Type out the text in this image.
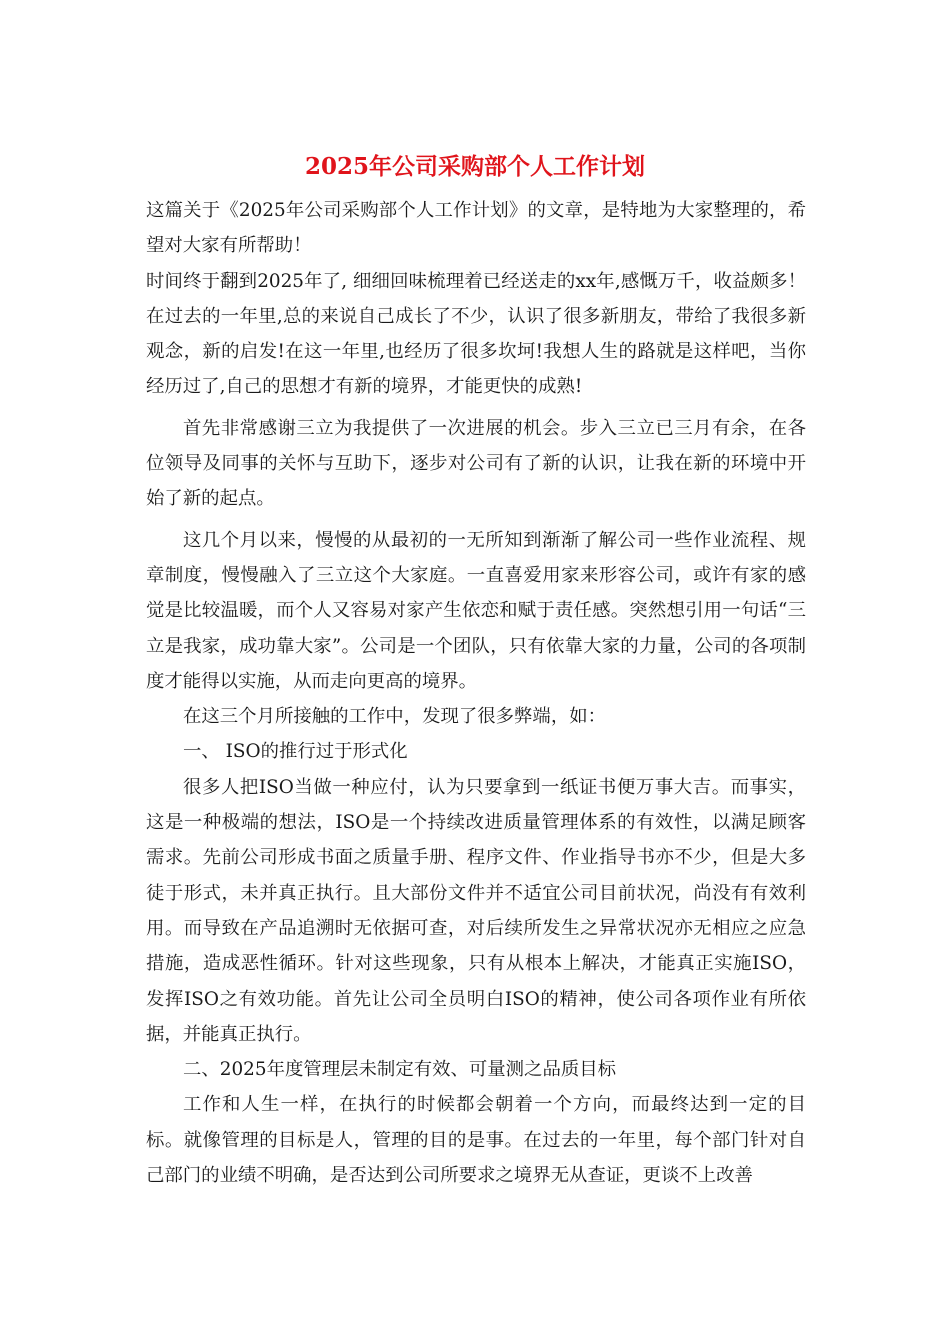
2025年公司采购部个人工作计划

这篇关于《2025年公司采购部个人工作计划》的文章，是特地为大家整理的，希望对大家有所帮助！

时间终于翻到2025年了, 细细回味梳理着已经送走的xx年,感慨万千，收益颇多！在过去的一年里,总的来说自己成长了不少，认识了很多新朋友，带给了我很多新观念，新的启发!在这一年里,也经历了很多坎坷!我想人生的路就是这样吧，当你经历过了,自己的思想才有新的境界，才能更快的成熟!

首先非常感谢三立为我提供了一次进展的机会。步入三立已三月有余，在各位领导及同事的关怀与互助下，逐步对公司有了新的认识，让我在新的环境中开始了新的起点。

这几个月以来，慢慢的从最初的一无所知到渐渐了解公司一些作业流程、规章制度，慢慢融入了三立这个大家庭。一直喜爱用家来形容公司，或许有家的感觉是比较温暖，而个人又容易对家产生依恋和赋于责任感。突然想引用一句话“三立是我家，成功靠大家”。公司是一个团队，只有依靠大家的力量，公司的各项制度才能得以实施，从而走向更高的境界。

在这三个月所接触的工作中，发现了很多弊端，如：

一、 ISO的推行过于形式化

很多人把ISO当做一种应付，认为只要拿到一纸证书便万事大吉。而事实，这是一种极端的想法，ISO是一个持续改进质量管理体系的有效性，以满足顾客需求。先前公司形成书面之质量手册、程序文件、作业指导书亦不少，但是大多徒于形式，未并真正执行。且大部份文件并不适宜公司目前状况，尚没有有效利用。而导致在产品追溯时无依据可查，对后续所发生之异常状况亦无相应之应急措施，造成恶性循环。针对这些现象，只有从根本上解决，才能真正实施ISO，发挥ISO之有效功能。首先让公司全员明白ISO的精神，使公司各项作业有所依据，并能真正执行。

二、2025年度管理层未制定有效、可量测之品质目标

工作和人生一样，在执行的时候都会朝着一个方向，而最终达到一定的目标。就像管理的目标是人，管理的目的是事。在过去的一年里，每个部门针对自己部门的业绩不明确，是否达到公司所要求之境界无从查证，更谈不上改善
